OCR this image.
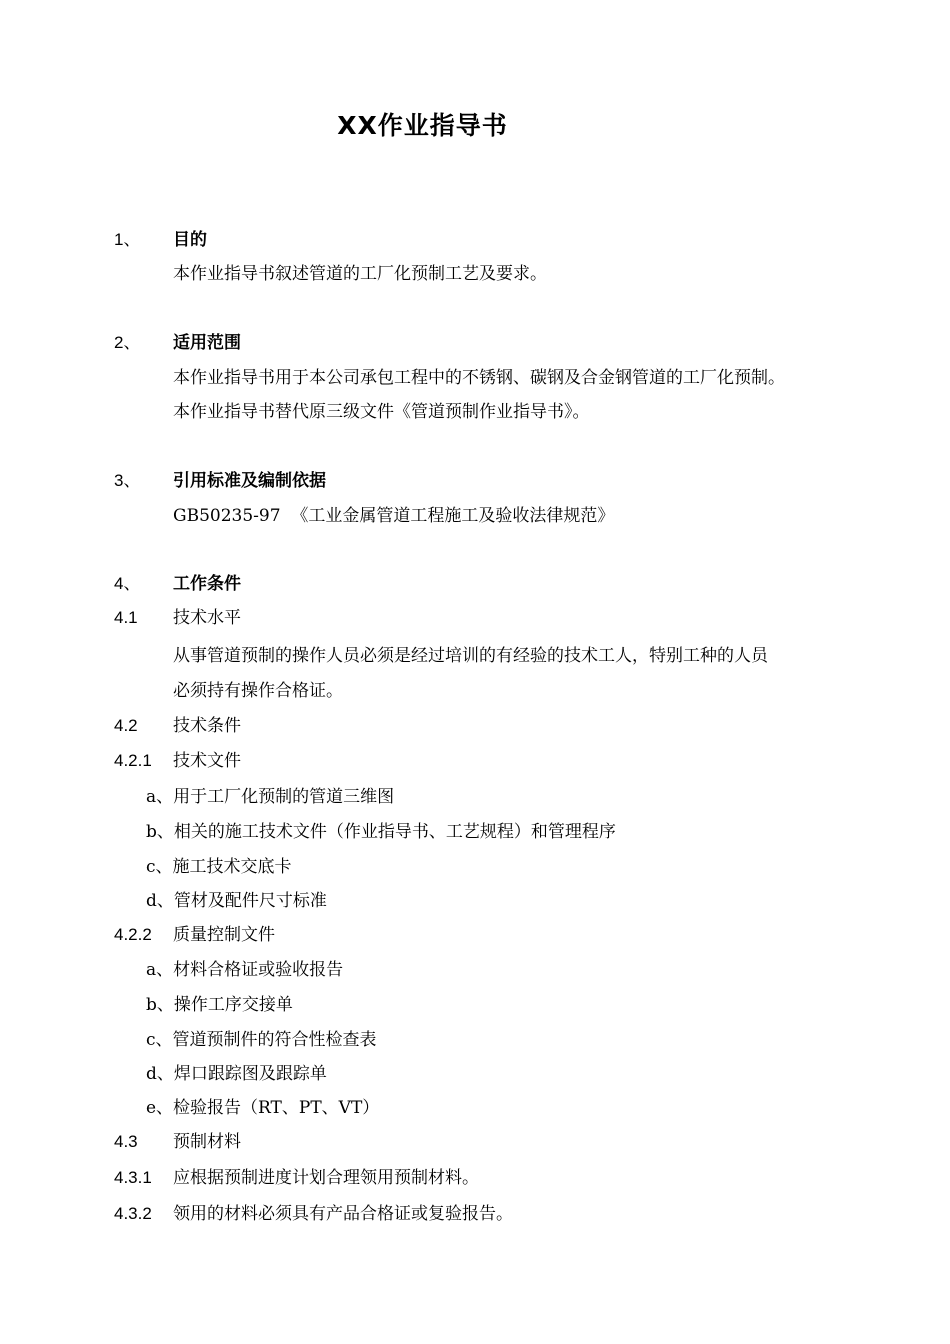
XX作业指导书
1、 目的
本作业指导书叙述管道的工厂化预制工艺及要求。
2、 适用范围
本作业指导书用于本公司承包工程中的不锈钢、碳钢及合金钢管道的工厂化预制。
本作业指导书替代原三级文件《管道预制作业指导书》。
3、 引用标准及编制依据
GB50235-97  《工业金属管道工程施工及验收法律规范》
4、 工作条件
4.1 技术水平
从事管道预制的操作人员必须是经过培训的有经验的技术工人，特别工种的人员
必须持有操作合格证。
4.2 技术条件
4.2.1 技术文件
a、用于工厂化预制的管道三维图
b、相关的施工技术文件（作业指导书、工艺规程）和管理程序
c、施工技术交底卡
d、管材及配件尺寸标准
4.2.2 质量控制文件
a、材料合格证或验收报告
b、操作工序交接单
c、管道预制件的符合性检查表
d、焊口跟踪图及跟踪单
e、检验报告（RT、PT、VT）
4.3 预制材料
4.3.1 应根据预制进度计划合理领用预制材料。
4.3.2 领用的材料必须具有产品合格证或复验报告。
